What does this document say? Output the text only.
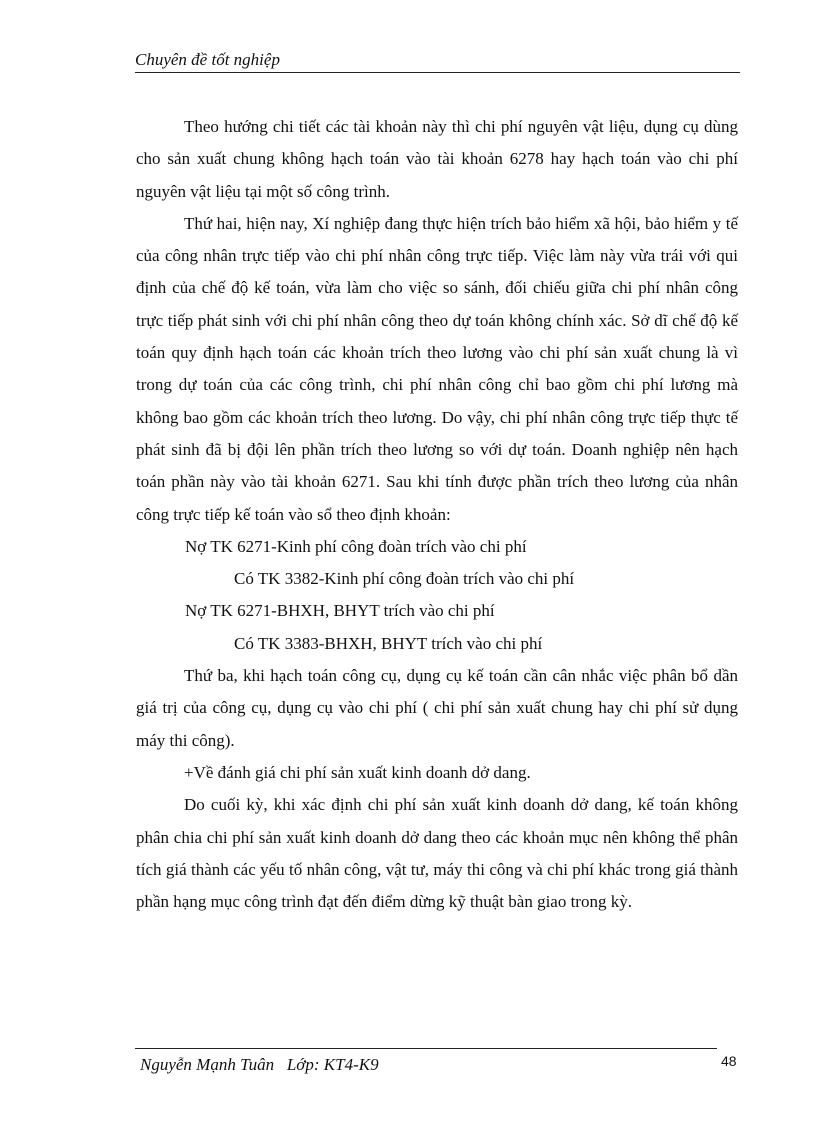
Chuyên đề tốt nghiệp

Theo hướng chi tiết các tài khoản này thì chi phí nguyên vật liệu, dụng cụ dùng cho sản xuất chung không hạch toán vào tài khoản 6278 hay hạch toán vào chi phí nguyên vật liệu tại một số công trình.

Thứ hai, hiện nay, Xí nghiệp đang thực hiện trích bảo hiểm xã hội, bảo hiểm y tế của công nhân trực tiếp vào chi phí nhân công trực tiếp. Việc làm này vừa trái với qui định của chế độ kế toán, vừa làm cho việc so sánh, đối chiếu giữa chi phí nhân công trực tiếp phát sinh với chi phí nhân công theo dự toán không chính xác. Sở dĩ chế độ kế toán quy định hạch toán các khoản trích theo lương vào chi phí sản xuất chung là vì trong dự toán của các công trình, chi phí nhân công chỉ bao gồm chi phí lương mà không bao gồm các khoản trích theo lương. Do vậy, chi phí nhân công trực tiếp thực tế phát sinh đã bị đội lên phần trích theo lương so với dự toán. Doanh nghiệp nên hạch toán phần này vào tài khoản 6271. Sau khi tính được phần trích theo lương của nhân công trực tiếp kế toán vào sổ theo định khoản:

Nợ TK 6271-Kinh phí công đoàn trích vào chi phí

Có TK 3382-Kinh phí công đoàn trích vào chi phí

Nợ TK 6271-BHXH, BHYT trích vào chi phí

Có TK 3383-BHXH, BHYT trích vào chi phí

Thứ ba, khi hạch toán công cụ, dụng cụ kế toán cần cân nhắc việc phân bổ dần giá trị của công cụ, dụng cụ vào chi phí ( chi phí sản xuất chung hay chi phí sử dụng máy thi công).

+Về đánh giá chi phí sản xuất kinh doanh dở dang.

Do cuối kỳ, khi xác định chi phí sản xuất kinh doanh dở dang, kế toán không phân chia chi phí sản xuất kinh doanh dở dang theo các khoản mục nên không thể phân tích giá thành các yếu tố nhân công, vật tư, máy thi công và chi phí khác trong giá thành phần hạng mục công trình đạt đến điểm dừng kỹ thuật bàn giao trong kỳ.

Nguyễn Mạnh Tuân   Lớp: KT4-K9	48
